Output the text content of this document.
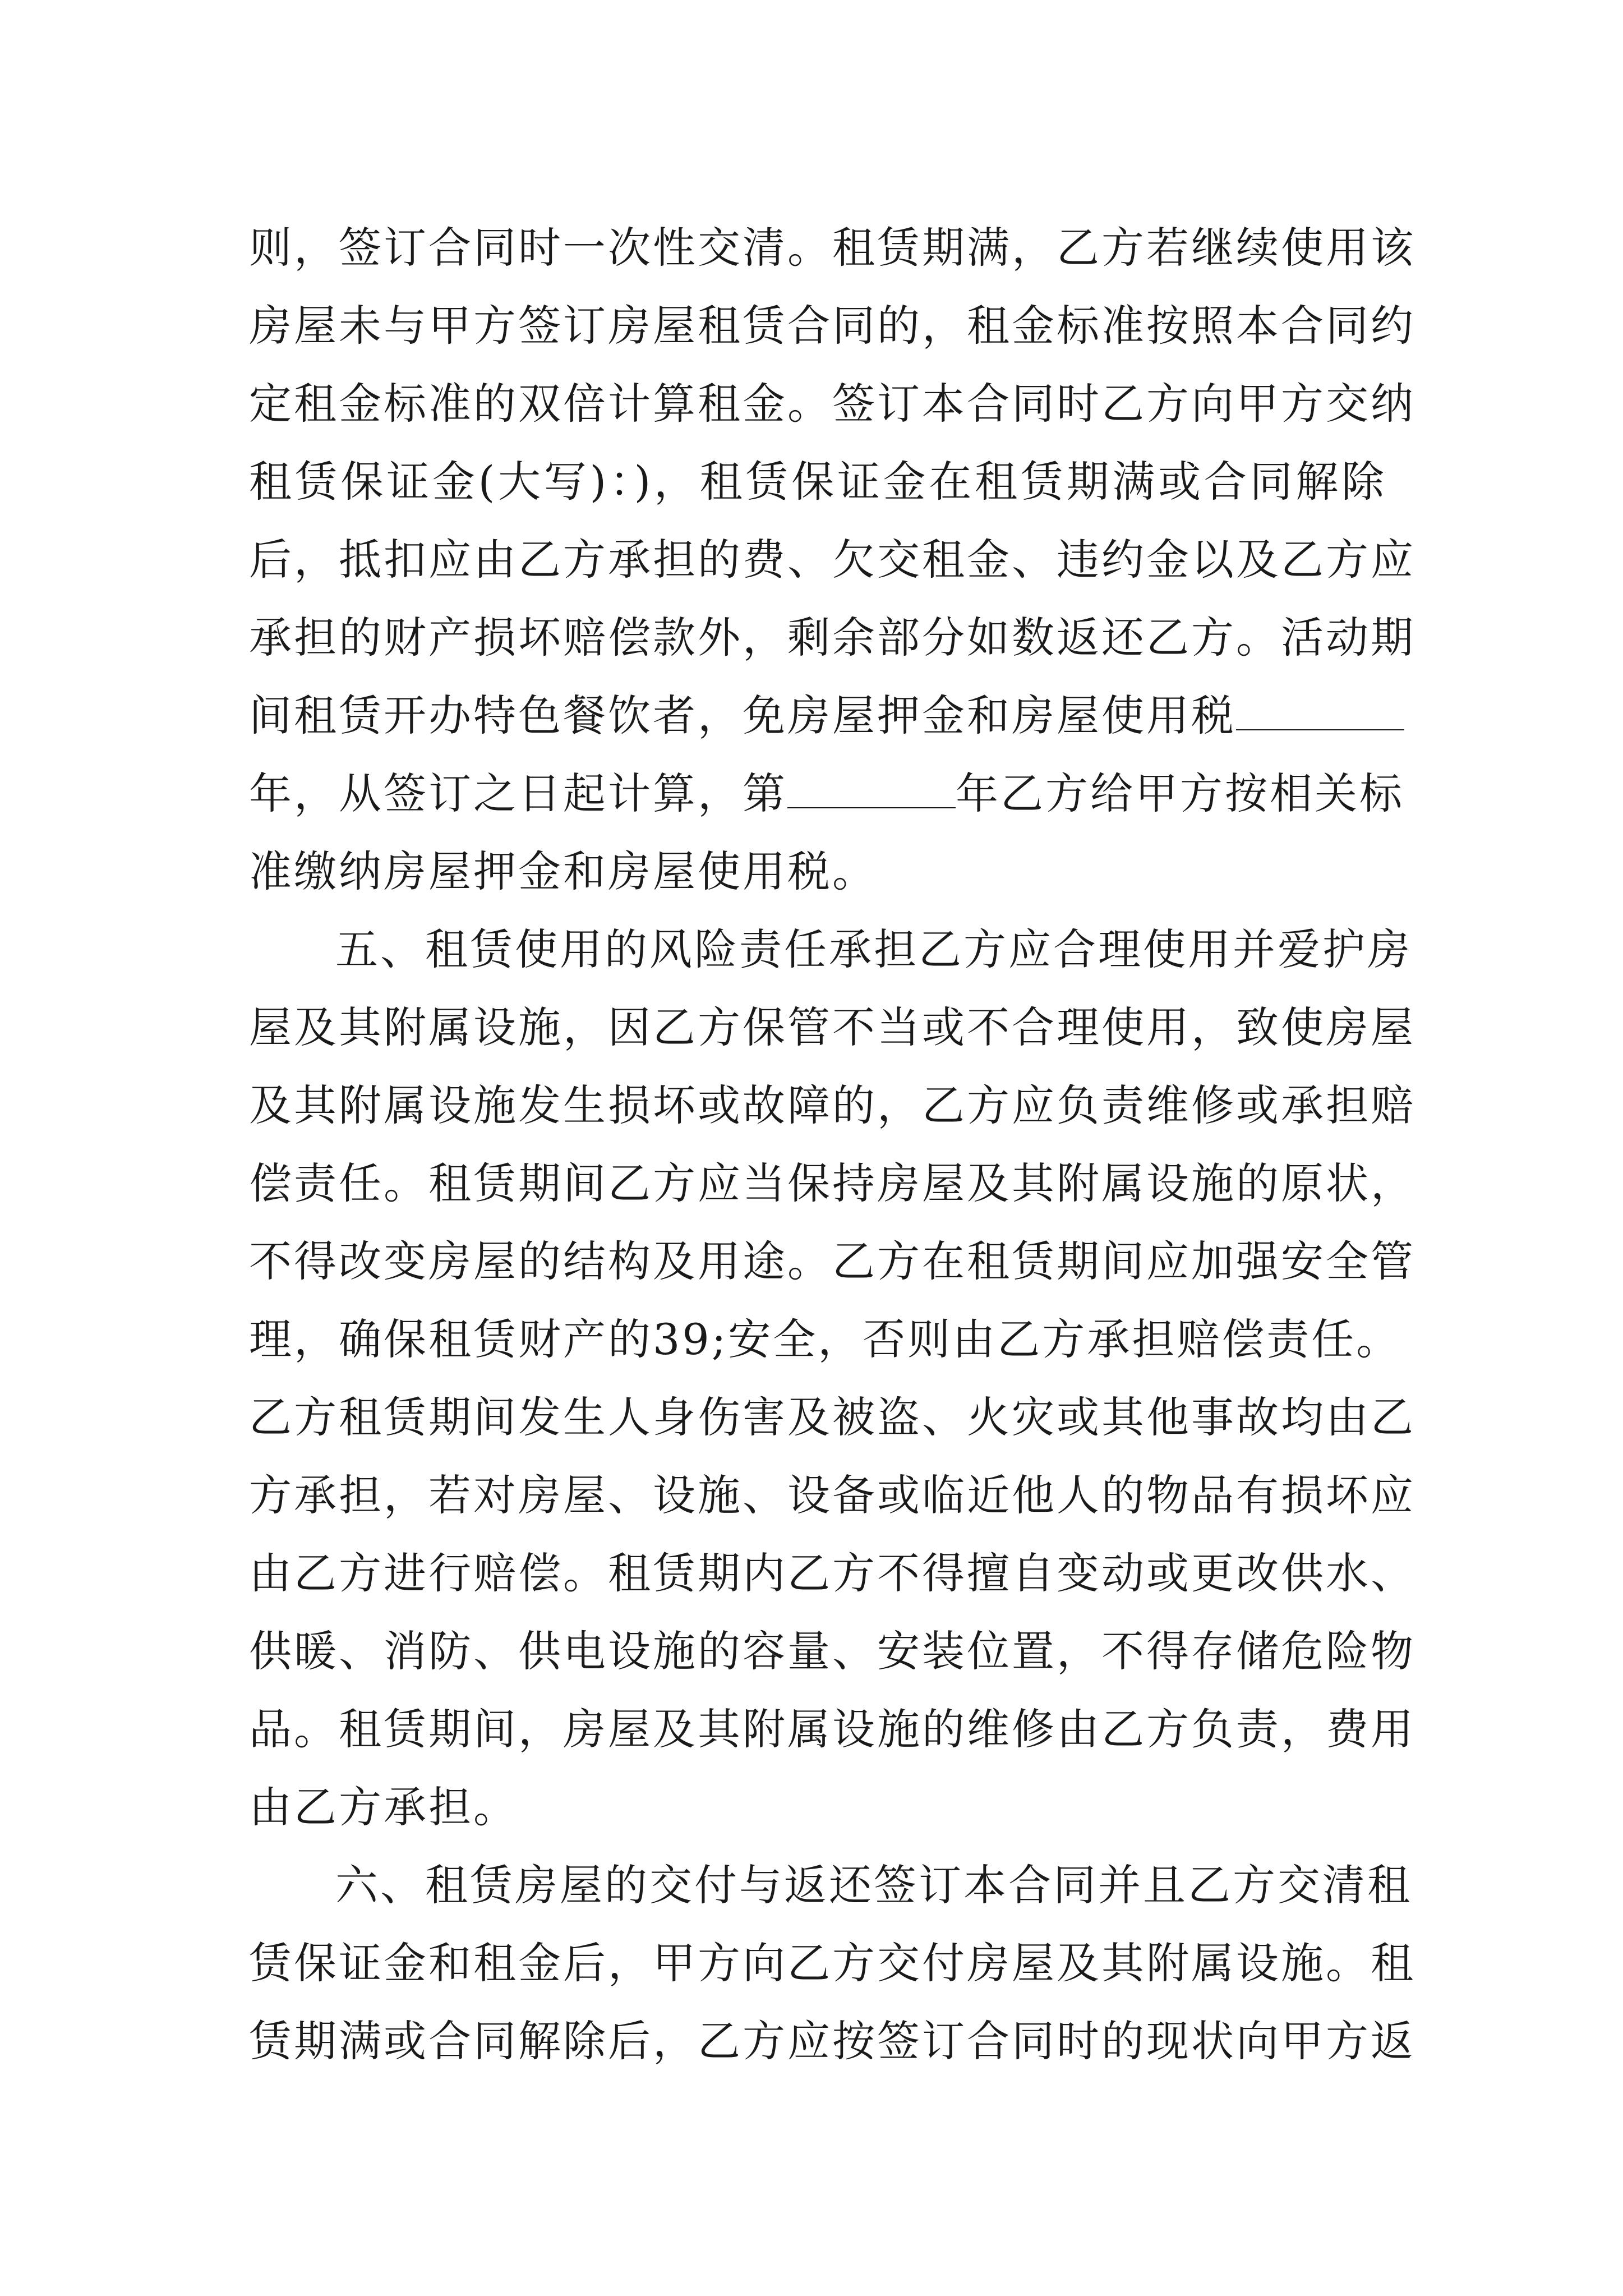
则，签订合同时一次性交清。租赁期满，乙方若继续使用该
房屋未与甲方签订房屋租赁合同的，租金标准按照本合同约
定租金标准的双倍计算租金。签订本合同时乙方向甲方交纳
租赁保证金(大写)：)，租赁保证金在租赁期满或合同解除
后，抵扣应由乙方承担的费、欠交租金、违约金以及乙方应
承担的财产损坏赔偿款外，剩余部分如数返还乙方。活动期
间租赁开办特色餐饮者，免房屋押金和房屋使用税
年，从签订之日起计算，第	年乙方给甲方按相关标
准缴纳房屋押金和房屋使用税。
五、租赁使用的风险责任承担乙方应合理使用并爱护房
屋及其附属设施，因乙方保管不当或不合理使用，致使房屋
及其附属设施发生损坏或故障的，乙方应负责维修或承担赔
偿责任。租赁期间乙方应当保持房屋及其附属设施的原状，
不得改变房屋的结构及用途。乙方在租赁期间应加强安全管
理，确保租赁财产的39;安全，否则由乙方承担赔偿责任。
乙方租赁期间发生人身伤害及被盗、火灾或其他事故均由乙
方承担，若对房屋、设施、设备或临近他人的物品有损坏应
由乙方进行赔偿。租赁期内乙方不得擅自变动或更改供水、
供暖、消防、供电设施的容量、安装位置，不得存储危险物
品。租赁期间，房屋及其附属设施的维修由乙方负责，费用
由乙方承担。
六、租赁房屋的交付与返还签订本合同并且乙方交清租
赁保证金和租金后，甲方向乙方交付房屋及其附属设施。租
赁期满或合同解除后，乙方应按签订合同时的现状向甲方返
